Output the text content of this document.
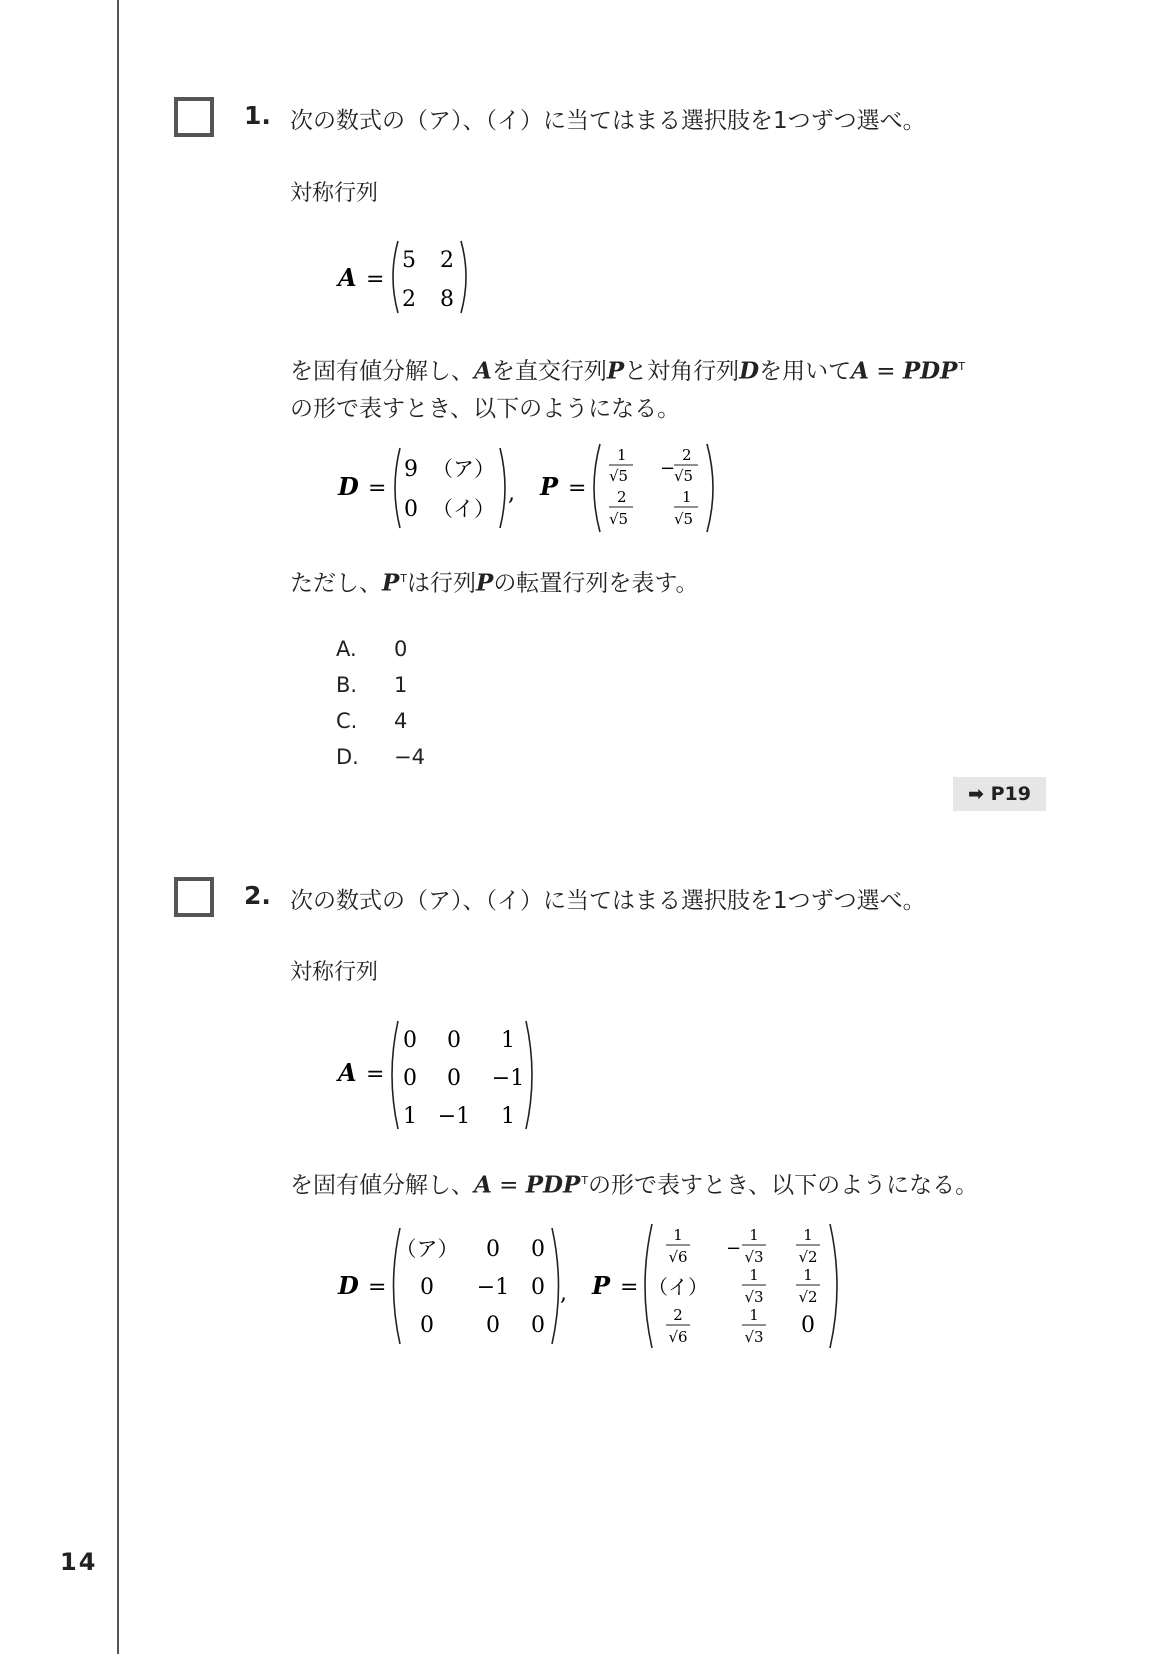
14
1. 次の数式の（ア）、（イ）に当てはまる選択肢を1つずつ選べ。
対称行列
A =
5 2
2 8
を固有値分解し、Aを直交行列Pと対角行列Dを用いて$A = PDP^T$
の形で表すとき、以下のようになる。
D =
9 （ア）
0 （イ）
, P =
1
√5 −
2
√5
2
√5
1
√5
ただし、$P^T$は行列Pの転置行列を表す。
A. 0
B. 1
C. 4
D. −4
➡ P19
2. 次の数式の（ア）、（イ）に当てはまる選択肢を1つずつ選べ。
対称行列
A =
0 0 1
0 0 −1
1 −1 1
を固有値分解し、$A = PDP^T$の形で表すとき、以下のようになる。
D =
（ア） 0 0
0 −1 0
0 0 0
, P =
1
√6 −
1
√3
1
√2
（イ）	1
√3
1
√2
2
√6
1
√3 0
